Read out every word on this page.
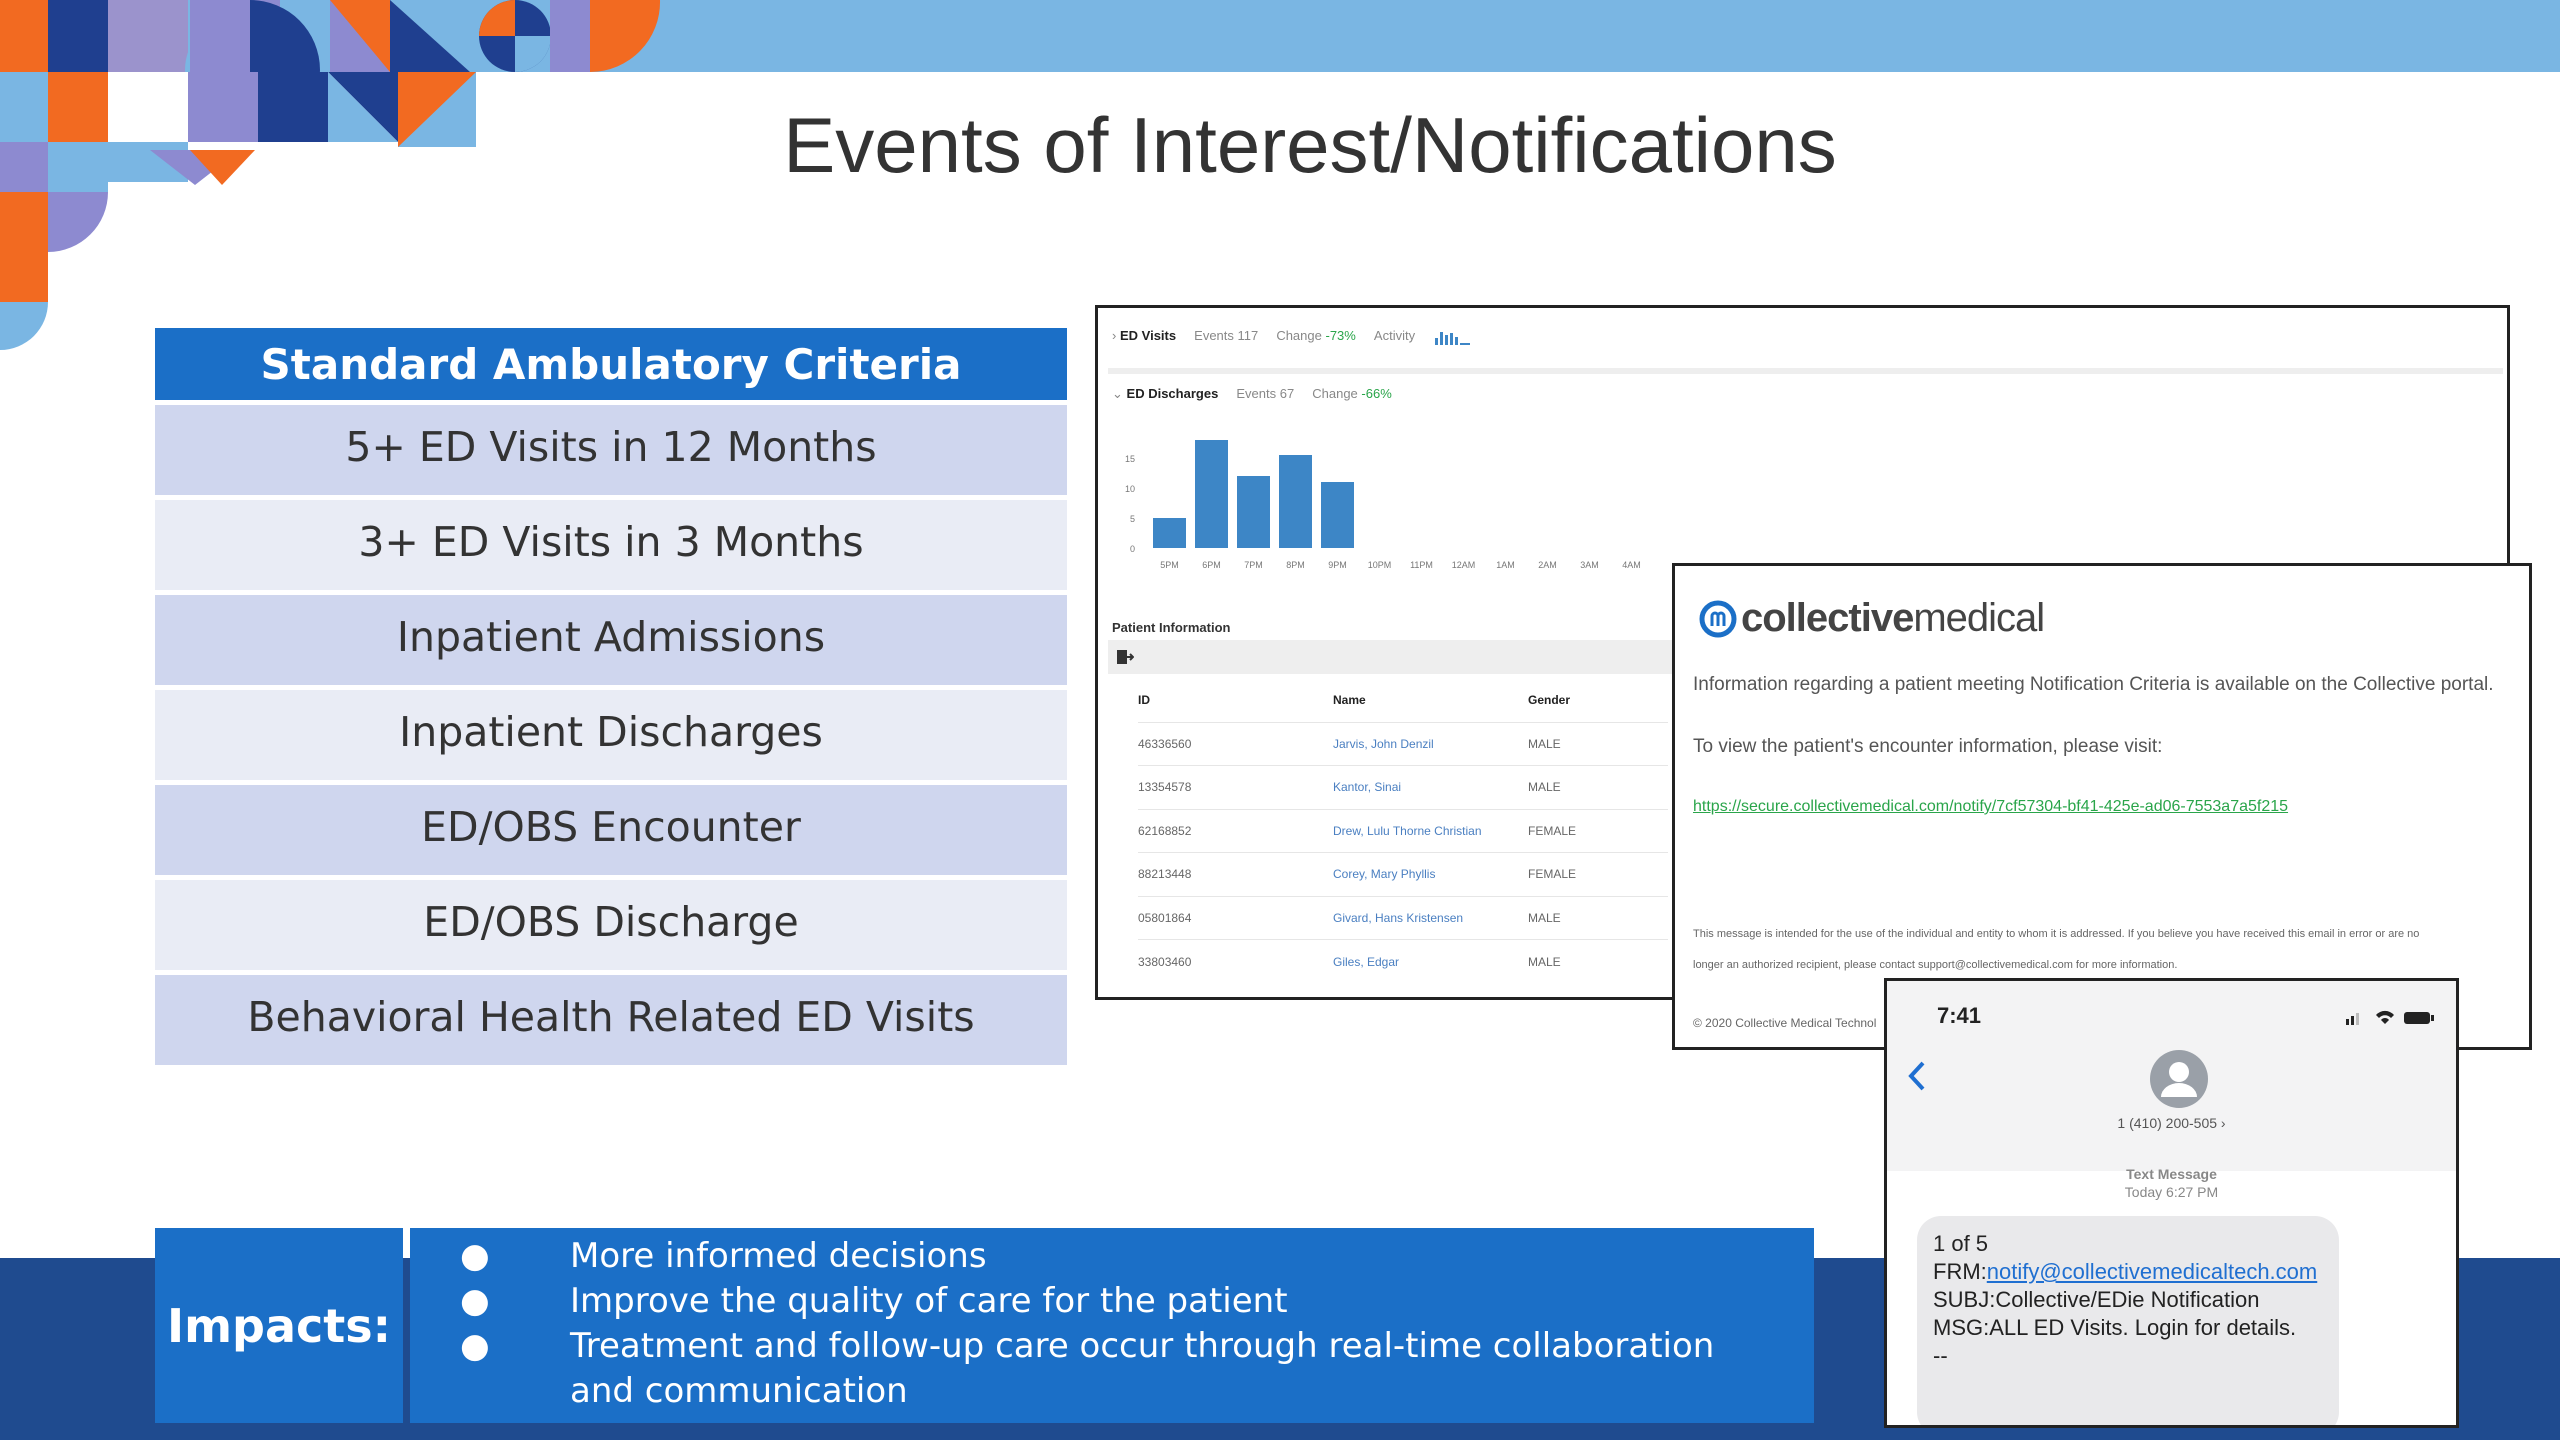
Events of Interest/Notifications
Standard Ambulatory Criteria
5+ ED Visits in 12 Months
3+ ED Visits in 3 Months
Inpatient Admissions
Inpatient Discharges
ED/OBS Encounter
ED/OBS Discharge
Behavioral Health Related ED Visits
Impacts:
● More informed decisions
● Improve the quality of care for the patient
● Treatment and follow-up care occur through real-time collaboration
and communication
› ED Visits Events 117 Change -73% Activity
⌄ ED Discharges Events 67 Change -66%
0
5
10
15
5PM	6PM	7PM	8PM	9PM 10PM 11PM 12AM 1AM	2AM	3AM	4AM
Patient Information
ID	Name	Gender
46336560	Jarvis, John Denzil	MALE
13354578	Kantor, Sinai	MALE
62168852	Drew, Lulu Thorne Christian	FEMALE
88213448	Corey, Mary Phyllis	FEMALE
05801864	Givard, Hans Kristensen	MALE
33803460	Giles, Edgar	MALE
collectivemedical
Information regarding a patient meeting Notification Criteria is available on the Collective portal.
To view the patient's encounter information, please visit:
https://secure.collectivemedical.com/notify/7cf57304-bf41-425e-ad06-7553a7a5f215
This message is intended for the use of the individual and entity to whom it is addressed. If you believe you have received this email in error or are no
longer an authorized recipient, please contact support@collectivemedical.com for more information.
© 2020 Collective Medical Technol	7:41
1 (410) 200-505 ›
Text Message
Today 6:27 PM
1 of 5
FRM:notify@collectivemedicaltech.com
SUBJ:Collective/EDie Notification
MSG:ALL ED Visits. Login for details.
--
